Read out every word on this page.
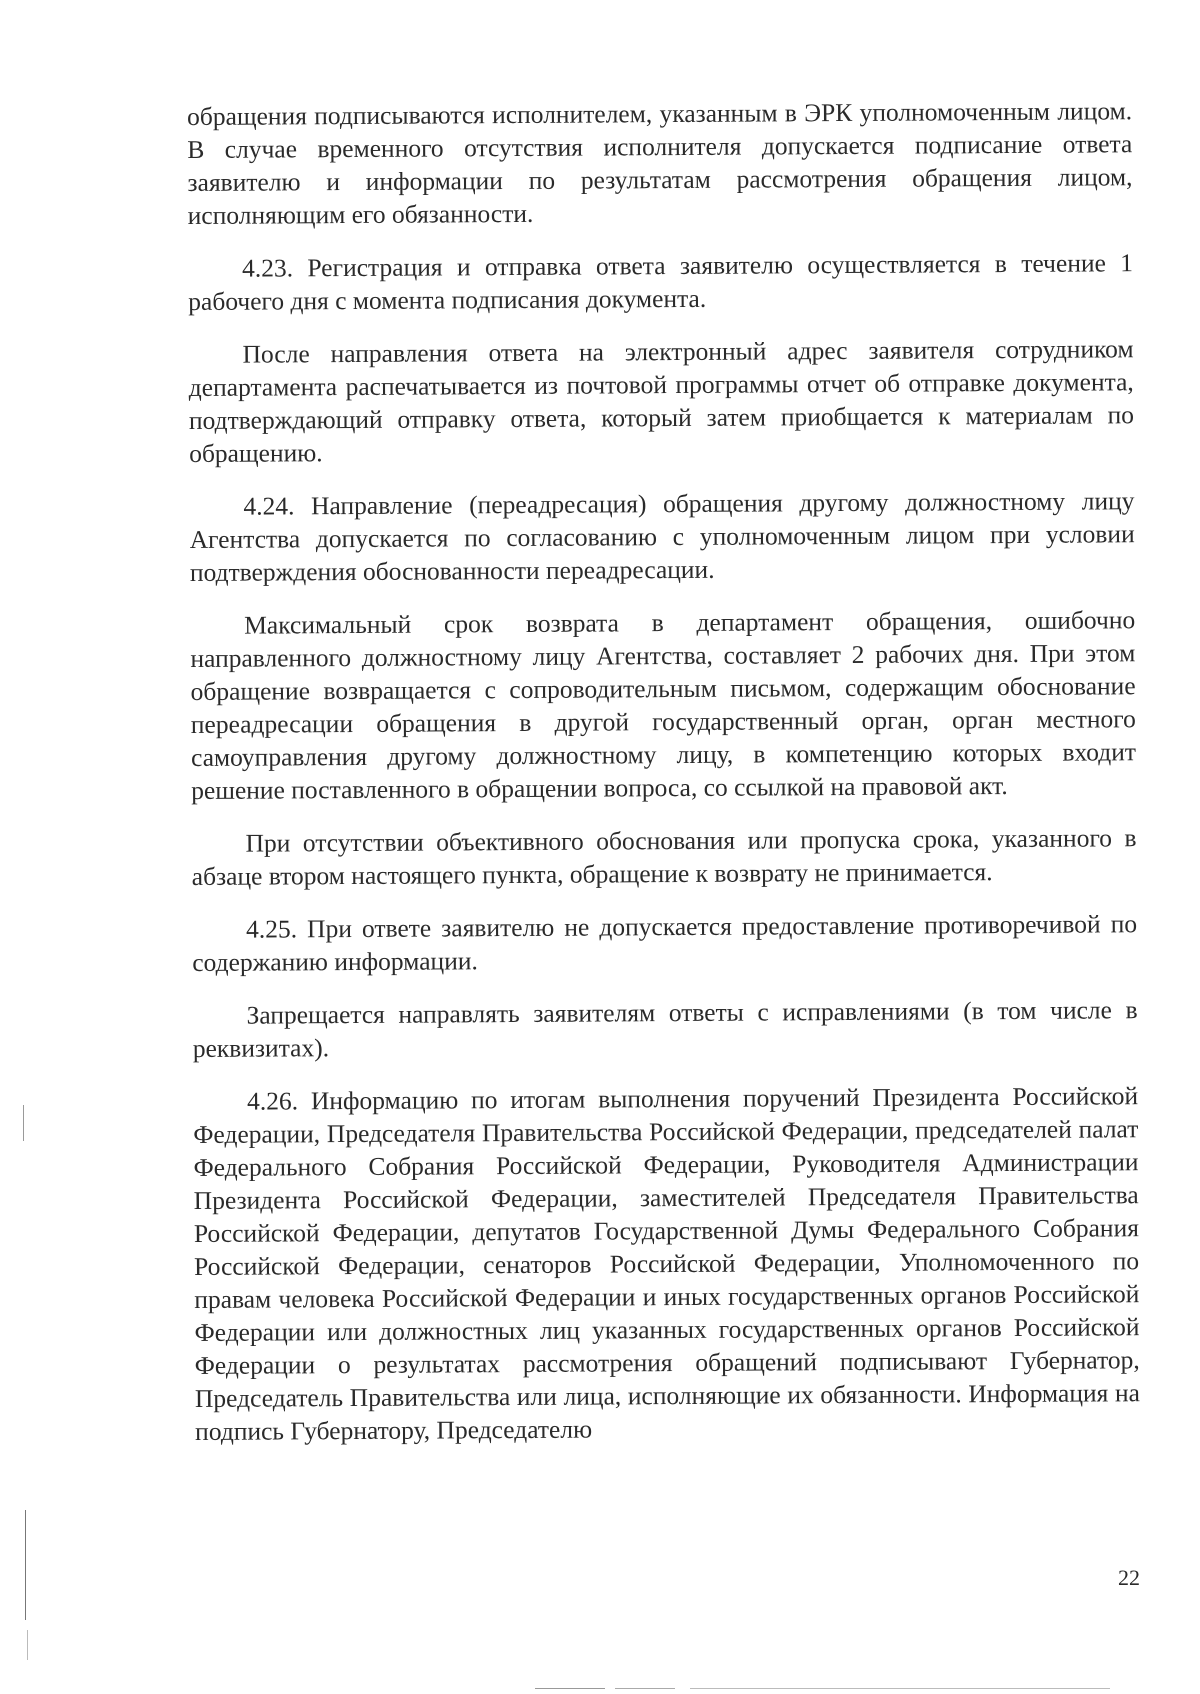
обращения подписываются исполнителем, указанным в ЭРК уполномоченным лицом. В случае временного отсутствия исполнителя допускается подписание ответа заявителю и информации по результатам рассмотрения обращения лицом, исполняющим его обязанности.

4.23. Регистрация и отправка ответа заявителю осуществляется в течение 1 рабочего дня с момента подписания документа.

После направления ответа на электронный адрес заявителя сотрудником департамента распечатывается из почтовой программы отчет об отправке документа, подтверждающий отправку ответа, который затем приобщается к материалам по обращению.

4.24. Направление (переадресация) обращения другому должностному лицу Агентства допускается по согласованию с уполномоченным лицом при условии подтверждения обоснованности переадресации.

Максимальный срок возврата в департамент обращения, ошибочно направленного должностному лицу Агентства, составляет 2 рабочих дня. При этом обращение возвращается с сопроводительным письмом, содержащим обоснование переадресации обращения в другой государственный орган, орган местного самоуправления другому должностному лицу, в компетенцию которых входит решение поставленного в обращении вопроса, со ссылкой на правовой акт.

При отсутствии объективного обоснования или пропуска срока, указанного в абзаце втором настоящего пункта, обращение к возврату не принимается.

4.25. При ответе заявителю не допускается предоставление противоречивой по содержанию информации.

Запрещается направлять заявителям ответы с исправлениями (в том числе в реквизитах).

4.26. Информацию по итогам выполнения поручений Президента Российской Федерации, Председателя Правительства Российской Федерации, председателей палат Федерального Собрания Российской Федерации, Руководителя Администрации Президента Российской Федерации, заместителей Председателя Правительства Российской Федерации, депутатов Государственной Думы Федерального Собрания Российской Федерации, сенаторов Российской Федерации, Уполномоченного по правам человека Российской Федерации и иных государственных органов Российской Федерации или должностных лиц указанных государственных органов Российской Федерации о результатах рассмотрения обращений подписывают Губернатор, Председатель Правительства или лица, исполняющие их обязанности. Информация на подпись Губернатору, Председателю

22
